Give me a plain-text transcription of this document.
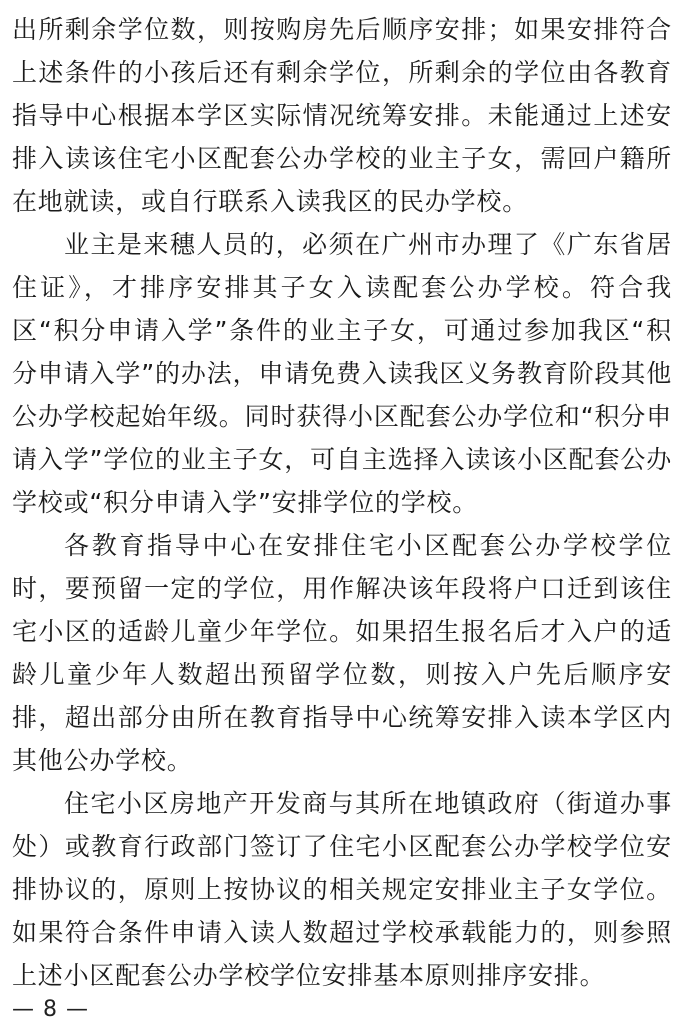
出所剩余学位数，则按购房先后顺序安排；如果安排符合上述条件的小孩后还有剩余学位，所剩余的学位由各教育指导中心根据本学区实际情况统筹安排。未能通过上述安排入读该住宅小区配套公办学校的业主子女，需回户籍所在地就读，或自行联系入读我区的民办学校。

业主是来穗人员的，必须在广州市办理了《广东省居住证》，才排序安排其子女入读配套公办学校。符合我区“积分申请入学”条件的业主子女，可通过参加我区“积分申请入学”的办法，申请免费入读我区义务教育阶段其他公办学校起始年级。同时获得小区配套公办学位和“积分申请入学”学位的业主子女，可自主选择入读该小区配套公办学校或“积分申请入学”安排学位的学校。

各教育指导中心在安排住宅小区配套公办学校学位时，要预留一定的学位，用作解决该年段将户口迁到该住宅小区的适龄儿童少年学位。如果招生报名后才入户的适龄儿童少年人数超出预留学位数，则按入户先后顺序安排，超出部分由所在教育指导中心统筹安排入读本学区内其他公办学校。

住宅小区房地产开发商与其所在地镇政府（街道办事处）或教育行政部门签订了住宅小区配套公办学校学位安排协议的，原则上按协议的相关规定安排业主子女学位。如果符合条件申请入读人数超过学校承载能力的，则参照上述小区配套公办学校学位安排基本原则排序安排。

— 8 —
